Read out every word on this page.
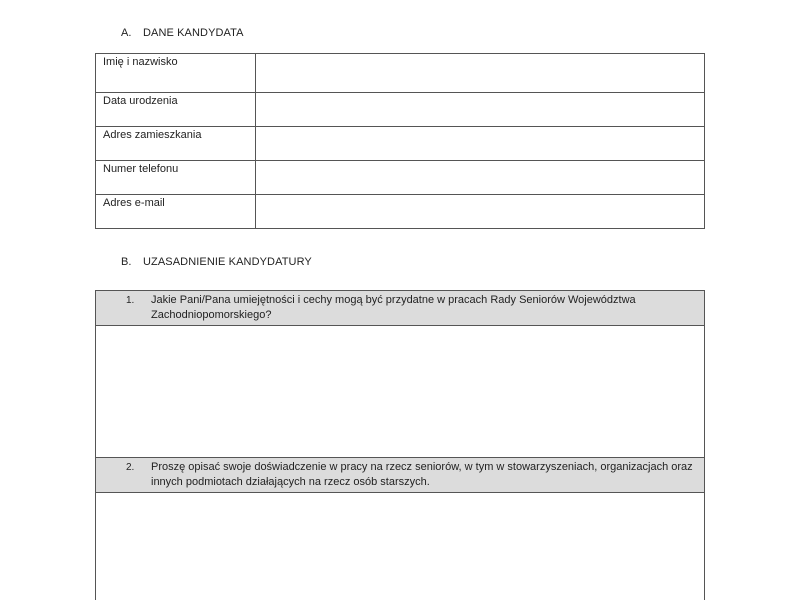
A. DANE KANDYDATA
Imię i nazwisko	
Data urodzenia	
Adres zamieszkania	
Numer telefonu	
Adres e-mail	
B. UZASADNIENIE KANDYDATURY
1. Jakie Pani/Pana umiejętności i cechy mogą być przydatne w pracach Rady Seniorów Województwa Zachodniopomorskiego?

2. Proszę opisać swoje doświadczenie w pracy na rzecz seniorów, w tym w stowarzyszeniach, organizacjach oraz innych podmiotach działających na rzecz osób starszych.
